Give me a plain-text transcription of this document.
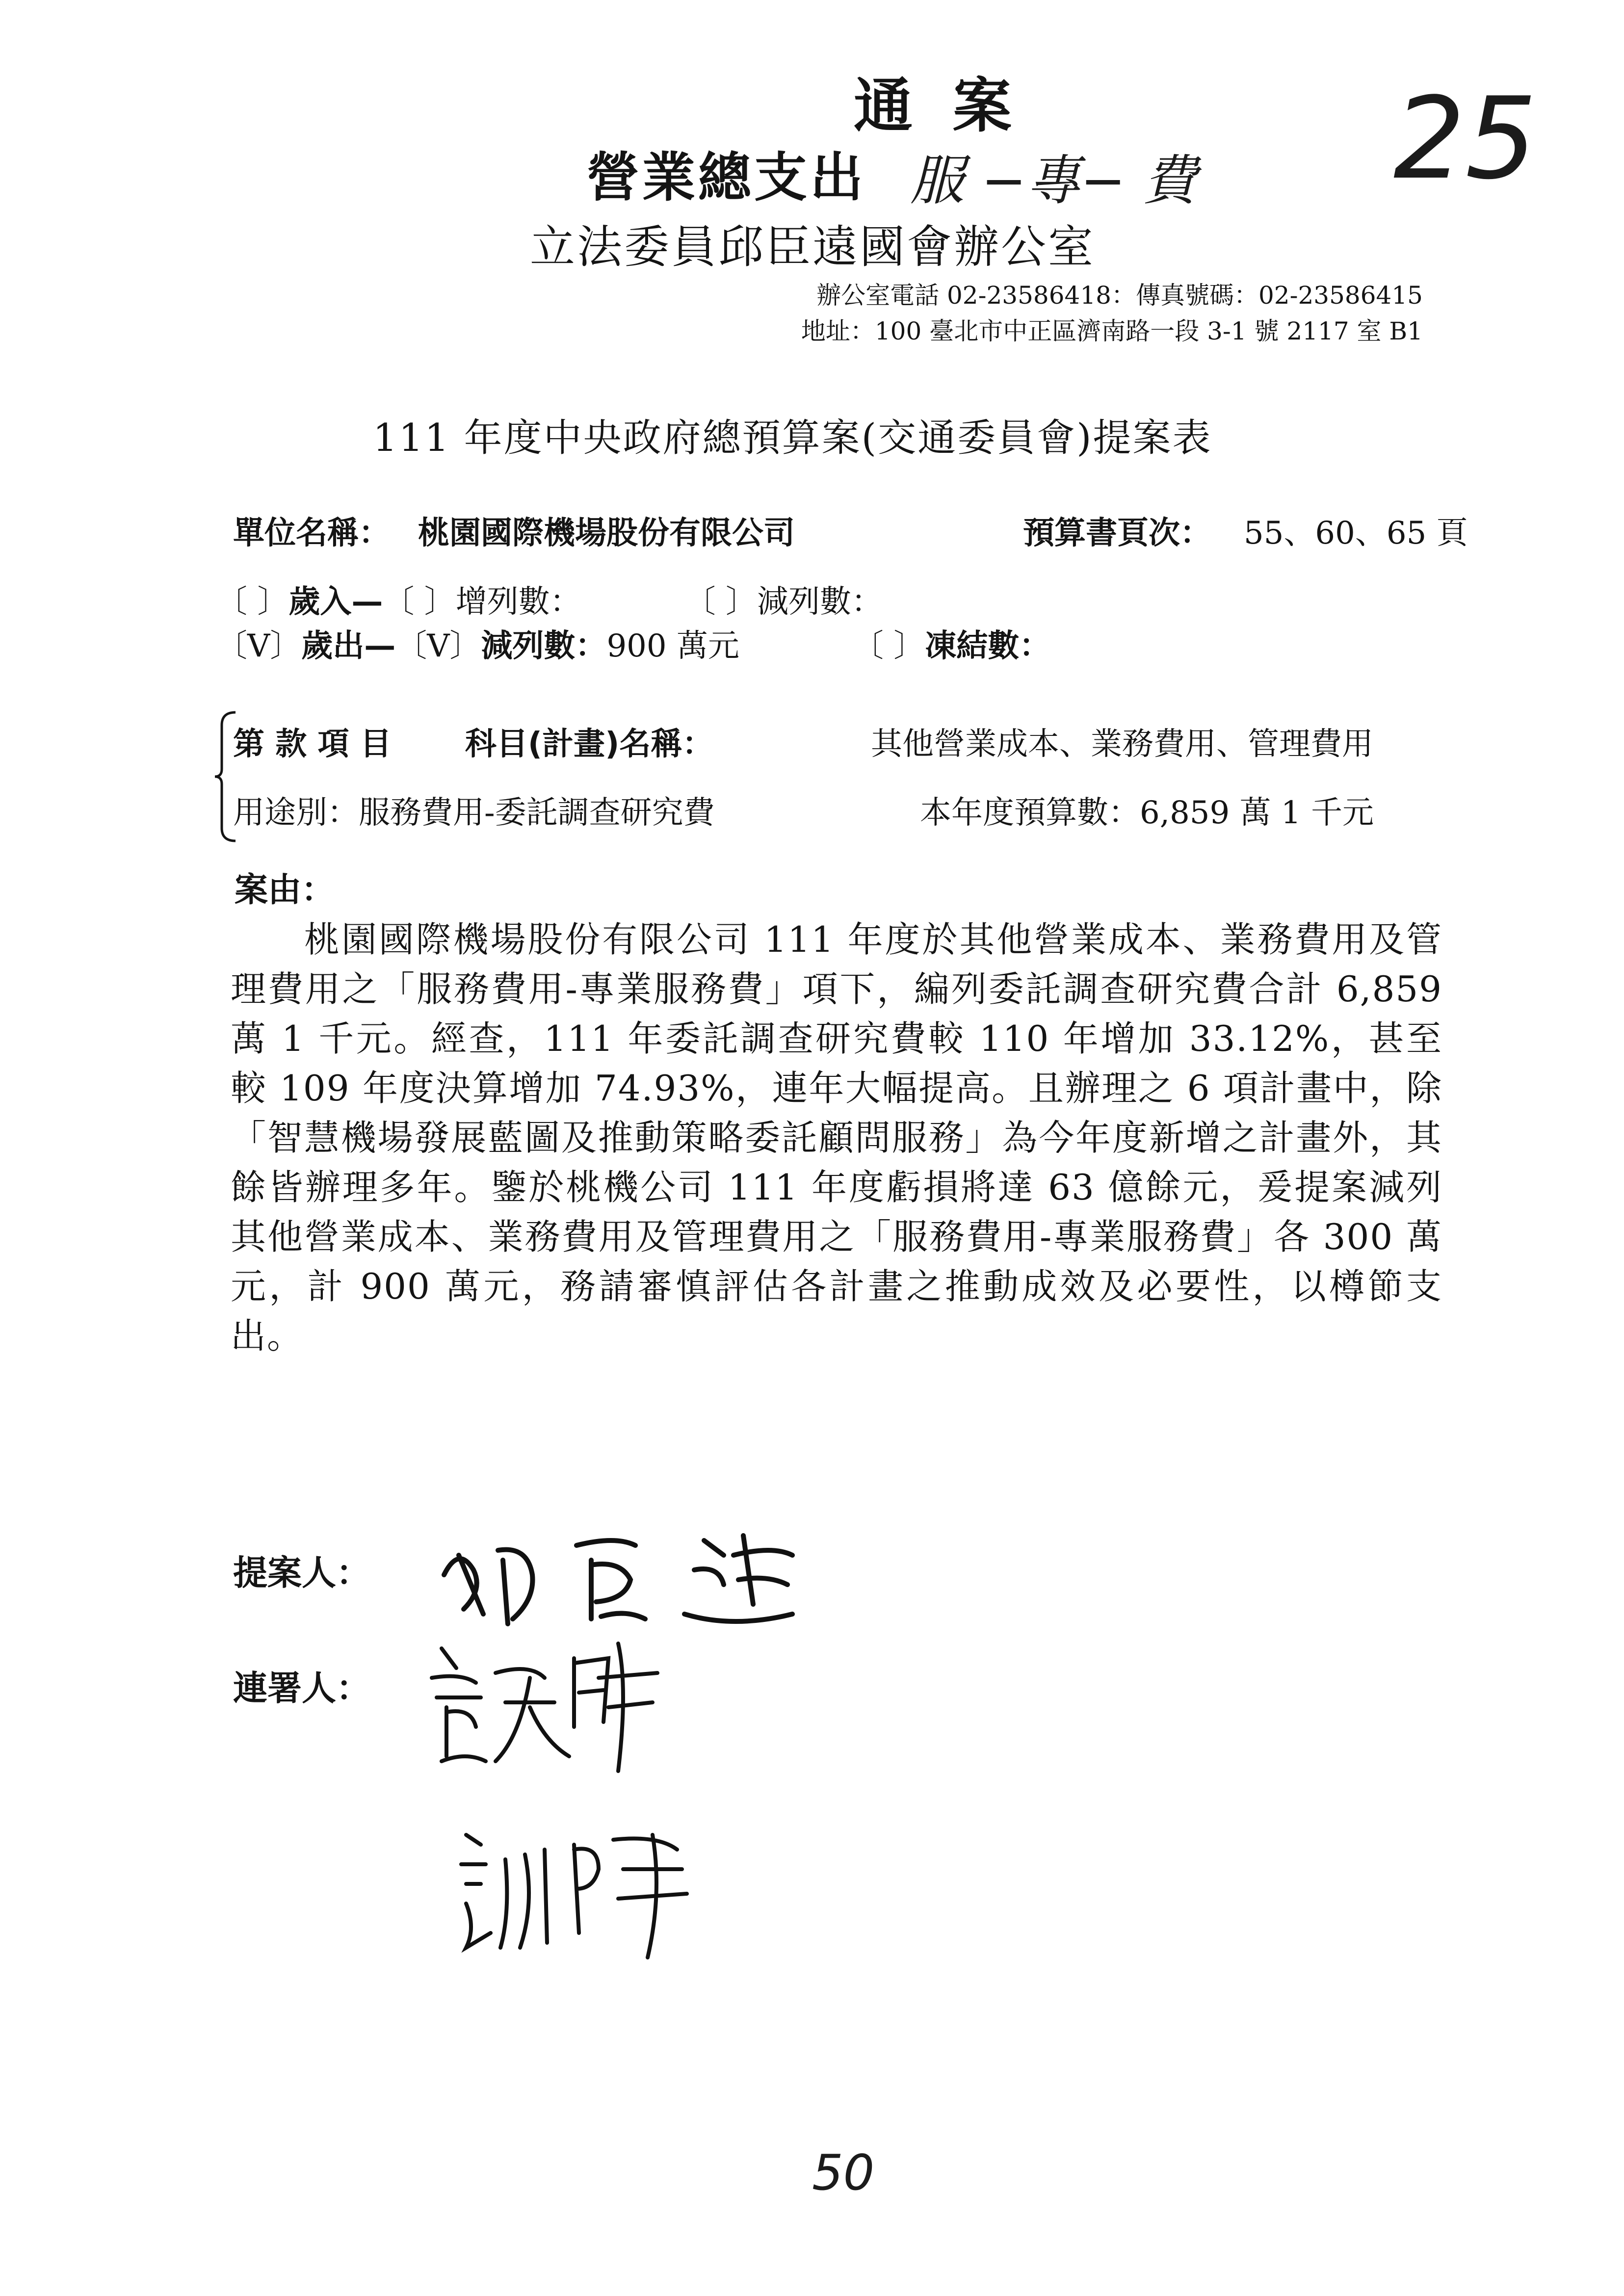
通 案
營業總支出 服 −專− 費 25
立法委員邱臣遠國會辦公室
辦公室電話 02-23586418：傳真號碼：02-23586415
地址：100 臺北市中正區濟南路一段 3-1 號 2117 室 B1
111 年度中央政府總預算案(交通委員會)提案表
單位名稱： 桃園國際機場股份有限公司	預算書頁次： 55、60、65 頁
〔 〕歲入—〔 〕增列數：	〔 〕減列數：
〔V〕歲出—〔V〕減列數：900 萬元	〔 〕凍結數：
第 款 項 目 科目(計畫)名稱：	其他營業成本、業務費用、管理費用
用途別：服務費用-委託調查研究費	本年度預算數：6,859 萬 1 千元
案由：

桃園國際機場股份有限公司 111 年度於其他營業成本、業務費用及管理費用之「服務費用-專業服務費」項下，編列委託調查研究費合計 6,859 萬 1 千元。經查，111 年委託調查研究費較 110 年增加 33.12%，甚至較 109 年度決算增加 74.93%，連年大幅提高。且辦理之 6 項計畫中，除「智慧機場發展藍圖及推動策略委託顧問服務」為今年度新增之計畫外，其餘皆辦理多年。鑒於桃機公司 111 年度虧損將達 63 億餘元，爰提案減列其他營業成本、業務費用及管理費用之「服務費用-專業服務費」各 300 萬元，計 900 萬元，務請審慎評估各計畫之推動成效及必要性，以樽節支出。

提案人：
連署人：
50
